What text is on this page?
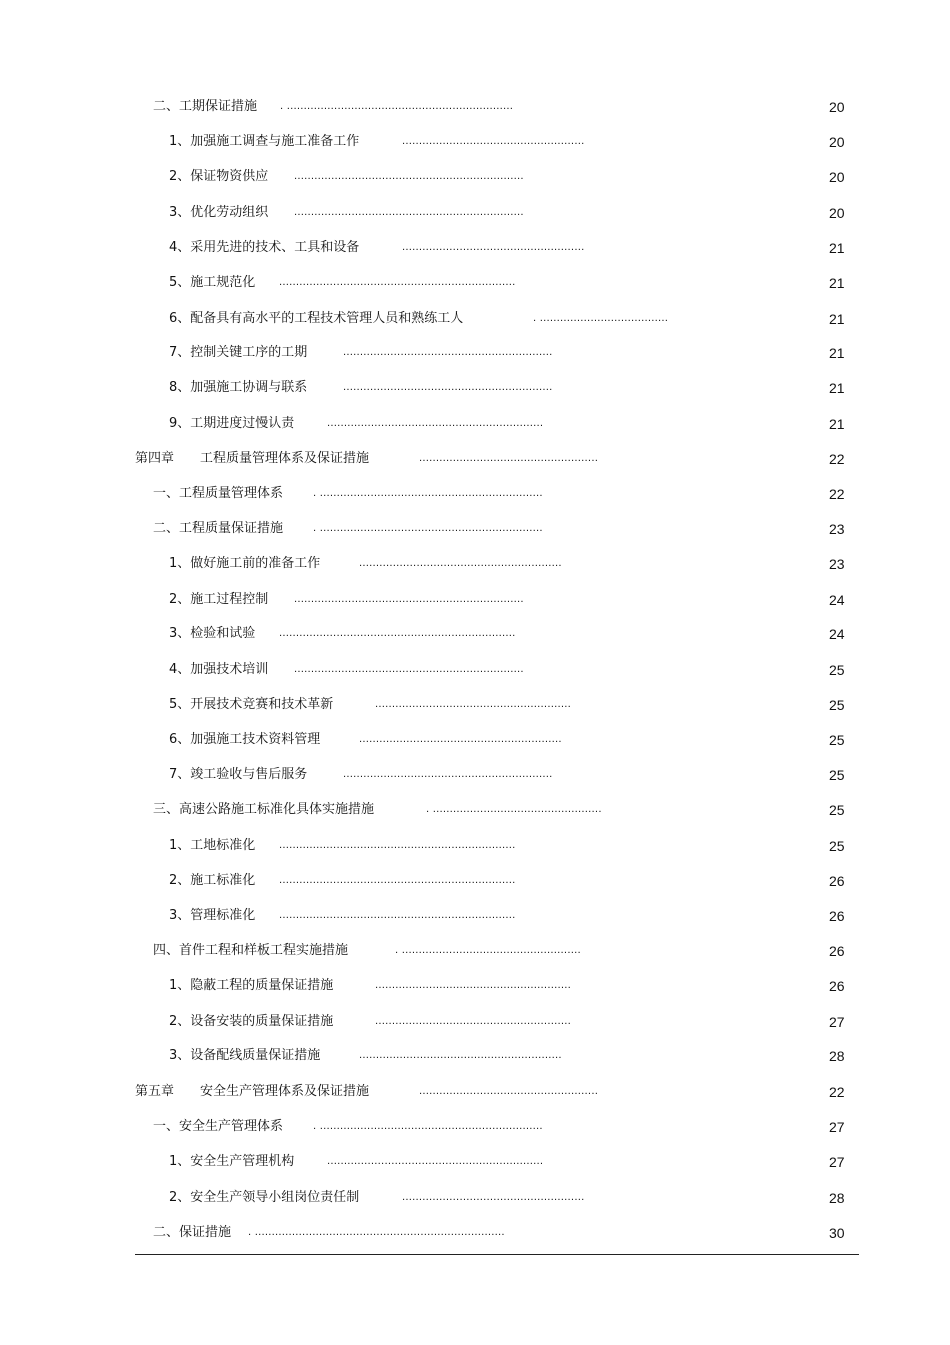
二、工期保证措施 . ...................................................................	20
1、加强施工调查与施工准备工作	......................................................	20
2、保证物资供应	....................................................................	20
3、优化劳动组织	....................................................................	20
4、采用先进的技术、工具和设备	......................................................	21
5、施工规范化 ......................................................................	21
6、配备具有高水平的工程技术管理人员和熟练工人	. ......................................	21
7、控制关键工序的工期	..............................................................	21
8、加强施工协调与联系	..............................................................	21
9、工期进度过慢认责	................................................................	21
第四章　　工程质量管理体系及保证措施	.....................................................	22
一、工程质量管理体系	. ..................................................................	22
二、工程质量保证措施	. ..................................................................	23
1、做好施工前的准备工作	............................................................	23
2、施工过程控制	....................................................................	24
3、检验和试验 ......................................................................	24
4、加强技术培训	....................................................................	25
5、开展技术竞赛和技术革新	..........................................................	25
6、加强施工技术资料管理	............................................................	25
7、竣工验收与售后服务	..............................................................	25
三、高速公路施工标准化具体实施措施	. ..................................................	25
1、工地标准化 ......................................................................	25
2、施工标准化 ......................................................................	26
3、管理标准化 ......................................................................	26
四、首件工程和样板工程实施措施	. .....................................................	26
1、隐蔽工程的质量保证措施	..........................................................	26
2、设备安装的质量保证措施	..........................................................	27
3、设备配线质量保证措施	............................................................	28
第五章　　安全生产管理体系及保证措施	.....................................................	22
一、安全生产管理体系	. ..................................................................	27
1、安全生产管理机构	................................................................	27
2、安全生产领导小组岗位责任制	......................................................	28
二、保证措施 . ..........................................................................	30
